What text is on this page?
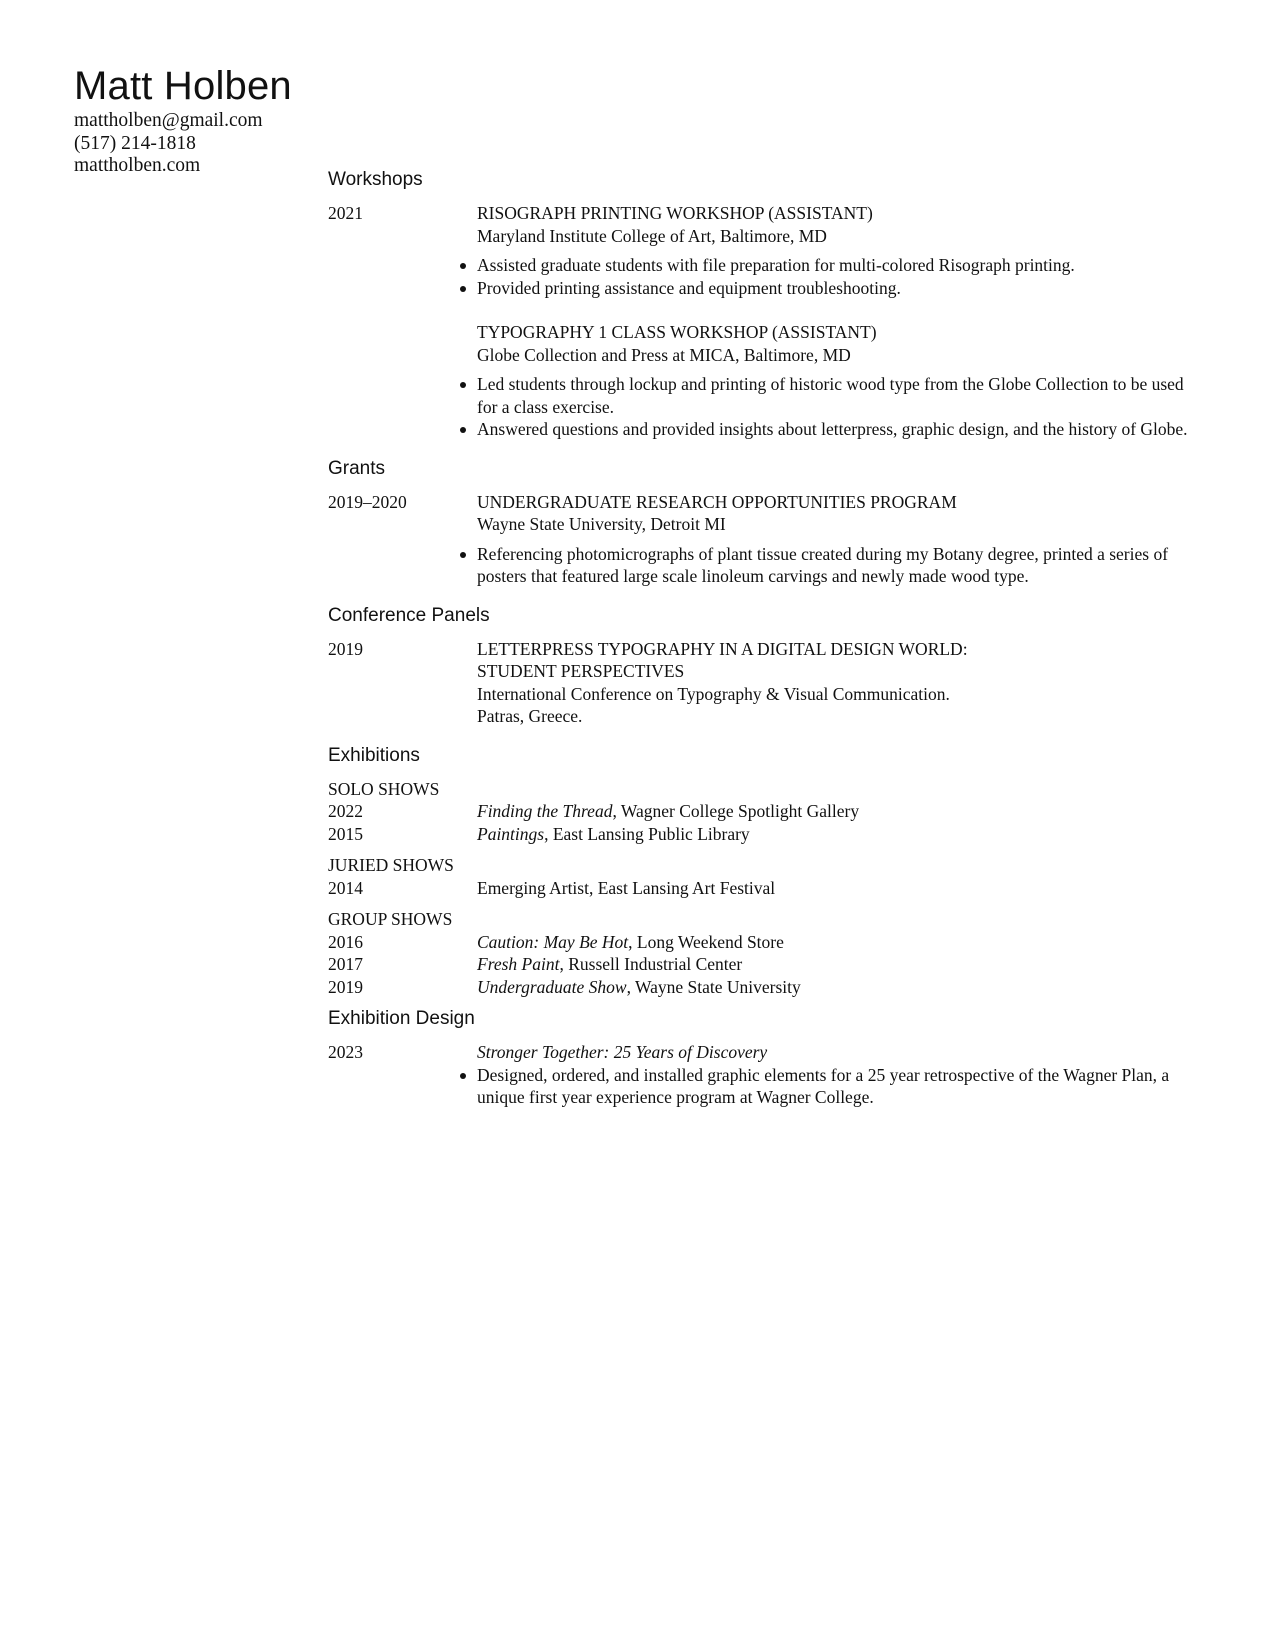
Matt Holben
mattholben@gmail.com
(517) 214-1818
mattholben.com
Workshops
2021	RISOGRAPH PRINTING WORKSHOP (ASSISTANT)
Maryland Institute College of Art, Baltimore, MD
Assisted graduate students with file preparation for multi-colored Risograph printing.
Provided printing assistance and equipment troubleshooting.
TYPOGRAPHY 1 CLASS WORKSHOP (ASSISTANT)
Globe Collection and Press at MICA, Baltimore, MD
Led students through lockup and printing of historic wood type from the Globe Collection to be used for a class exercise.
Answered questions and provided insights about letterpress, graphic design, and the history of Globe.
Grants
2019–2020	UNDERGRADUATE RESEARCH OPPORTUNITIES PROGRAM
Wayne State University, Detroit MI
Referencing photomicrographs of plant tissue created during my Botany degree, printed a series of posters that featured large scale linoleum carvings and newly made wood type.
Conference Panels
2019	LETTERPRESS TYPOGRAPHY IN A DIGITAL DESIGN WORLD:
STUDENT PERSPECTIVES
International Conference on Typography & Visual Communication.
Patras, Greece.
Exhibitions
SOLO SHOWS
2022	Finding the Thread, Wagner College Spotlight Gallery
2015	Paintings, East Lansing Public Library
JURIED SHOWS
2014	Emerging Artist, East Lansing Art Festival
GROUP SHOWS
2016	Caution: May Be Hot, Long Weekend Store
2017	Fresh Paint, Russell Industrial Center
2019	Undergraduate Show, Wayne State University
Exhibition Design
2023	Stronger Together: 25 Years of Discovery
Designed, ordered, and installed graphic elements for a 25 year retrospective of the Wagner Plan, a unique first year experience program at Wagner College.
